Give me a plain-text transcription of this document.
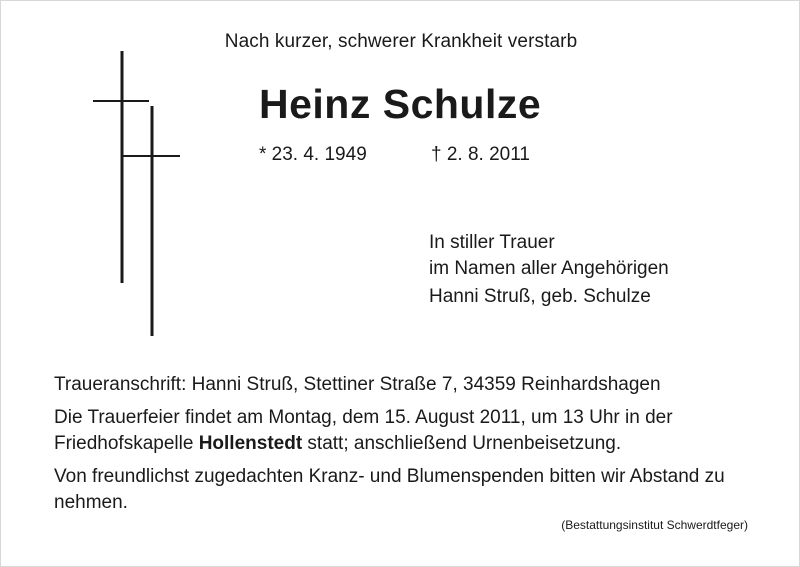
Nach kurzer, schwerer Krankheit verstarb
Heinz Schulze
* 23. 4. 1949	† 2. 8. 2011
In stiller Trauer
im Namen aller Angehörigen
Hanni Struß, geb. Schulze
Traueranschrift: Hanni Struß, Stettiner Straße 7, 34359 Reinhardshagen
Die Trauerfeier findet am Montag, dem 15. August 2011, um 13 Uhr in der Friedhofskapelle Hollenstedt statt; anschließend Urnenbeisetzung.
Von freundlichst zugedachten Kranz- und Blumenspenden bitten wir Abstand zu nehmen.
(Bestattungsinstitut Schwerdtfeger)
